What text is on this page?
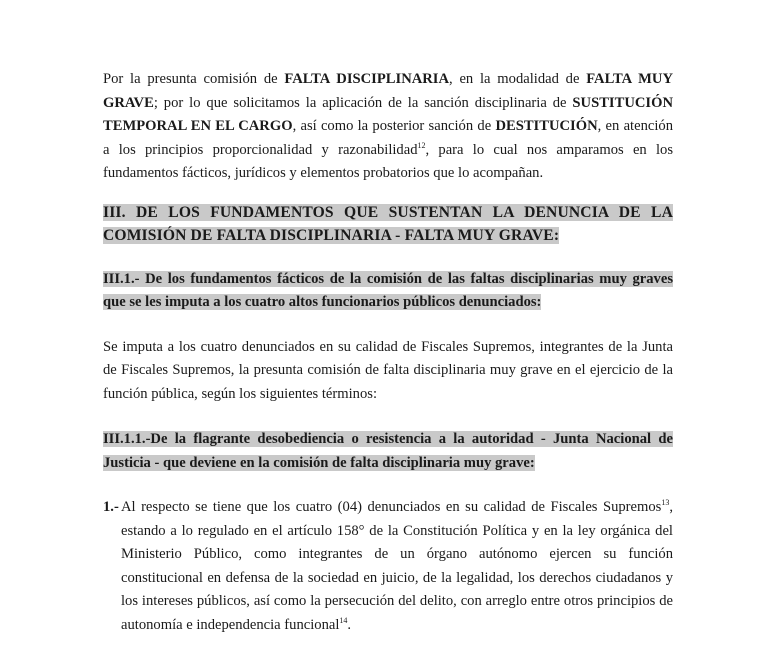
Por la presunta comisión de FALTA DISCIPLINARIA, en la modalidad de FALTA MUY GRAVE; por lo que solicitamos la aplicación de la sanción disciplinaria de SUSTITUCIÓN TEMPORAL EN EL CARGO, así como la posterior sanción de DESTITUCIÓN, en atención a los principios proporcionalidad y razonabilidad$^{12}$, para lo cual nos amparamos en los fundamentos fácticos, jurídicos y elementos probatorios que lo acompañan.

III. DE LOS FUNDAMENTOS QUE SUSTENTAN LA DENUNCIA DE LA COMISIÓN DE FALTA DISCIPLINARIA - FALTA MUY GRAVE:

III.1.- De los fundamentos fácticos de la comisión de las faltas disciplinarias muy graves que se les imputa a los cuatro altos funcionarios públicos denunciados:

Se imputa a los cuatro denunciados en su calidad de Fiscales Supremos, integrantes de la Junta de Fiscales Supremos, la presunta comisión de falta disciplinaria muy grave en el ejercicio de la función pública, según los siguientes términos:

III.1.1.-De la flagrante desobediencia o resistencia a la autoridad - Junta Nacional de Justicia - que deviene en la comisión de falta disciplinaria muy grave:

1.- Al respecto se tiene que los cuatro (04) denunciados en su calidad de Fiscales Supremos$^{13}$, estando a lo regulado en el artículo 158° de la Constitución Política y en la ley orgánica del Ministerio Público, como integrantes de un órgano autónomo ejercen su función constitucional en defensa de la sociedad en juicio, de la legalidad, los derechos ciudadanos y los intereses públicos, así como la persecución del delito, con arreglo entre otros principios de autonomía e independencia funcional$^{14}$.
